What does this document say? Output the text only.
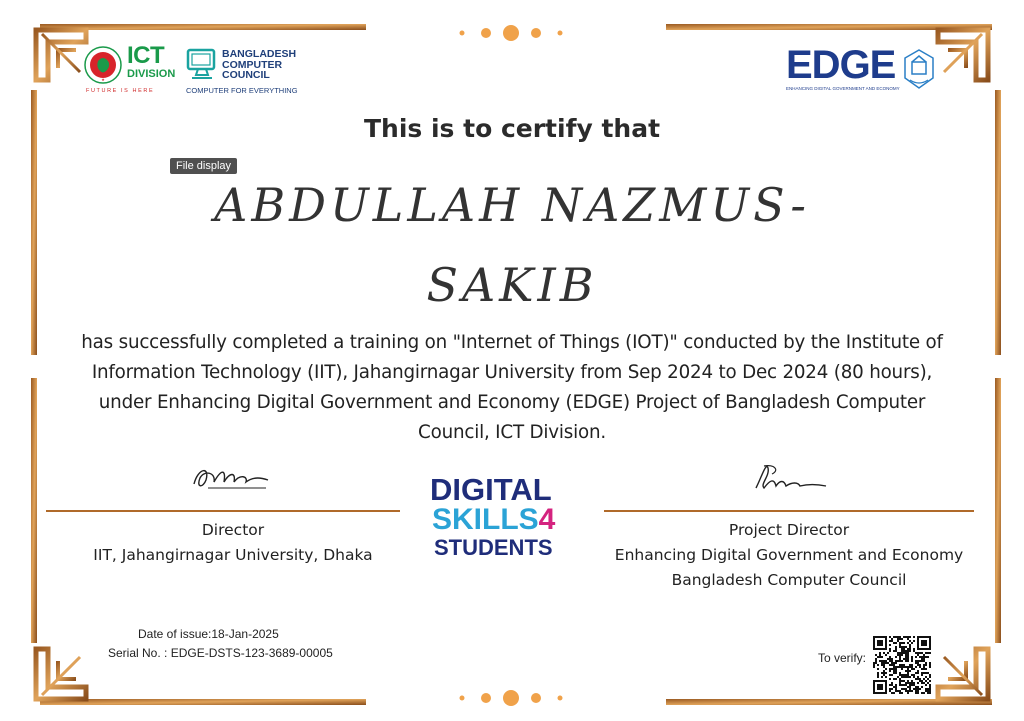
★
ICT
DIVISION
FUTURE IS HERE
BANGLADESH
COMPUTER
COUNCIL
COMPUTER FOR EVERYTHING
EDGE
ENHANCING DIGITAL GOVERNMENT AND ECONOMY
This is to certify that
File display
ABDULLAH NAZMUS-
SAKIB
has successfully completed a training on "Internet of Things (IOT)" conducted by the Institute of
Information Technology (IIT), Jahangirnagar University from Sep 2024 to Dec 2024 (80 hours),
under Enhancing Digital Government and Economy (EDGE) Project of Bangladesh Computer
Council, ICT Division.
Director
IIT, Jahangirnagar University, Dhaka
Project Director
Enhancing Digital Government and Economy
Bangladesh Computer Council
DIGITAL
SKILLS4
STUDENTS
Date of issue:18-Jan-2025
Serial No. : EDGE-DSTS-123-3689-00005	To verify:
